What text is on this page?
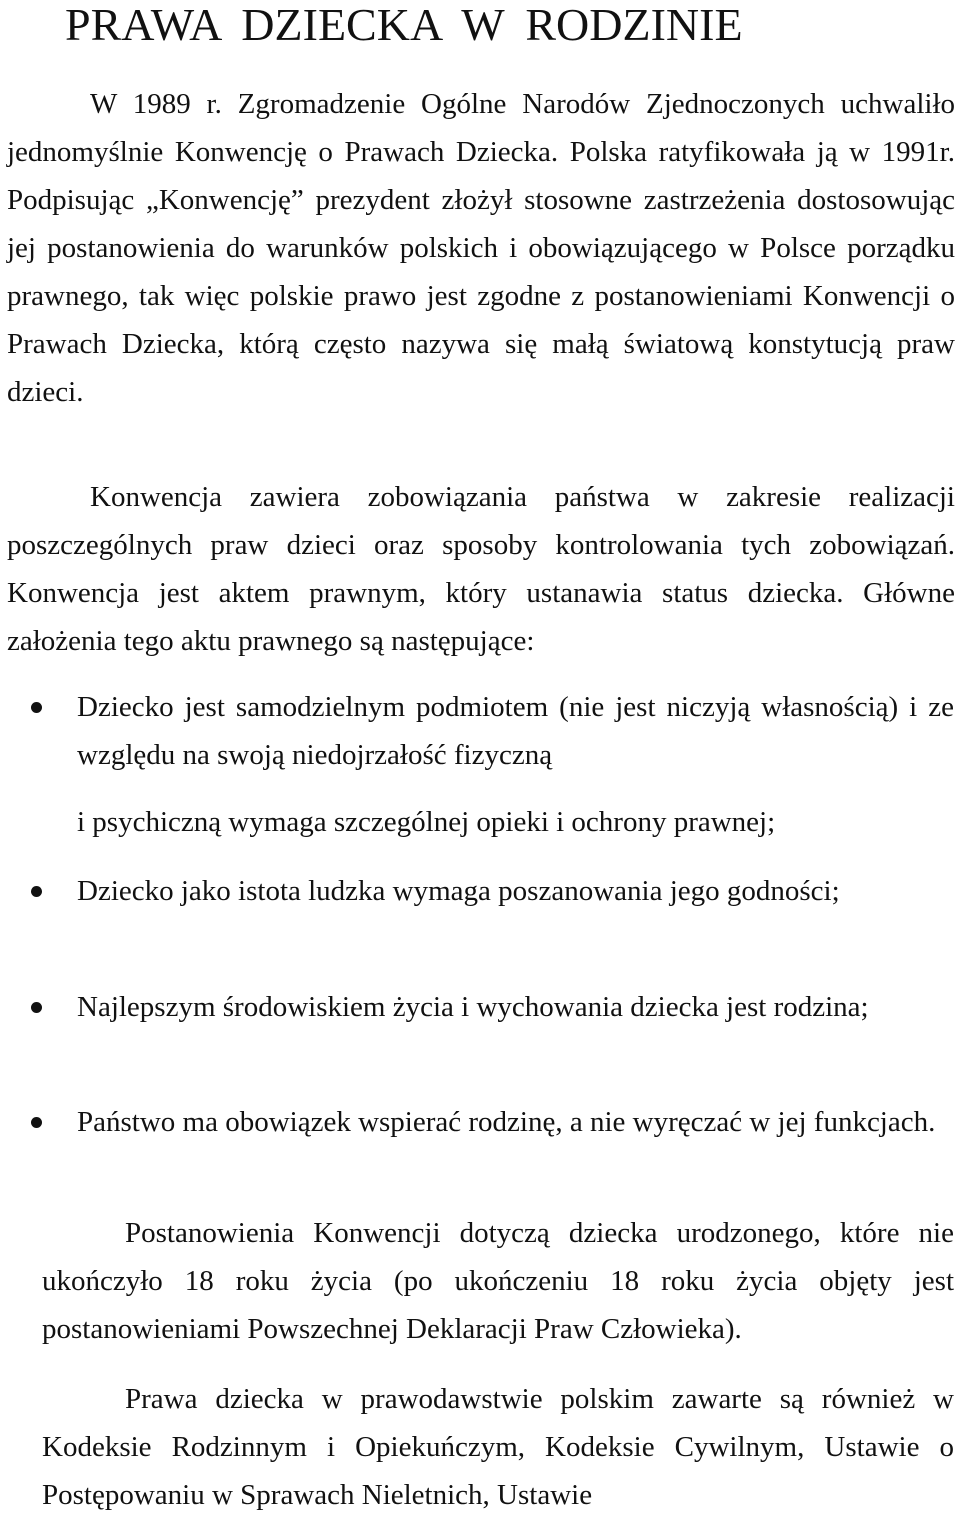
PRAWA DZIECKA W RODZINIE

W 1989 r. Zgromadzenie Ogólne Narodów Zjednoczonych uchwaliło jednomyślnie Konwencję o Prawach Dziecka. Polska ratyfikowała ją w 1991r. Podpisując „Konwencję” prezydent złożył stosowne zastrzeżenia dostosowując jej postanowienia do warunków polskich i obowiązującego w Polsce porządku prawnego, tak więc polskie prawo jest zgodne z postanowieniami Konwencji o Prawach Dziecka, którą często nazywa się małą światową konstytucją praw dzieci.

Konwencja zawiera zobowiązania państwa w zakresie realizacji poszczególnych praw dzieci oraz sposoby kontrolowania tych zobowiązań. Konwencja jest aktem prawnym, który ustanawia status dziecka. Główne założenia tego aktu prawnego są następujące:

Dziecko jest samodzielnym podmiotem (nie jest niczyją własnością) i ze względu na swoją niedojrzałość fizyczną
i psychiczną wymaga szczególnej opieki i ochrony prawnej;
Dziecko jako istota ludzka wymaga poszanowania jego godności;
Najlepszym środowiskiem życia i wychowania dziecka jest rodzina;
Państwo ma obowiązek wspierać rodzinę, a nie wyręczać w jej funkcjach.

Postanowienia Konwencji dotyczą dziecka urodzonego, które nie ukończyło 18 roku życia (po ukończeniu 18 roku życia objęty jest postanowieniami Powszechnej Deklaracji Praw Człowieka).

Prawa dziecka w prawodawstwie polskim zawarte są również w Kodeksie Rodzinnym i Opiekuńczym, Kodeksie Cywilnym, Ustawie o Postępowaniu w Sprawach Nieletnich, Ustawie
